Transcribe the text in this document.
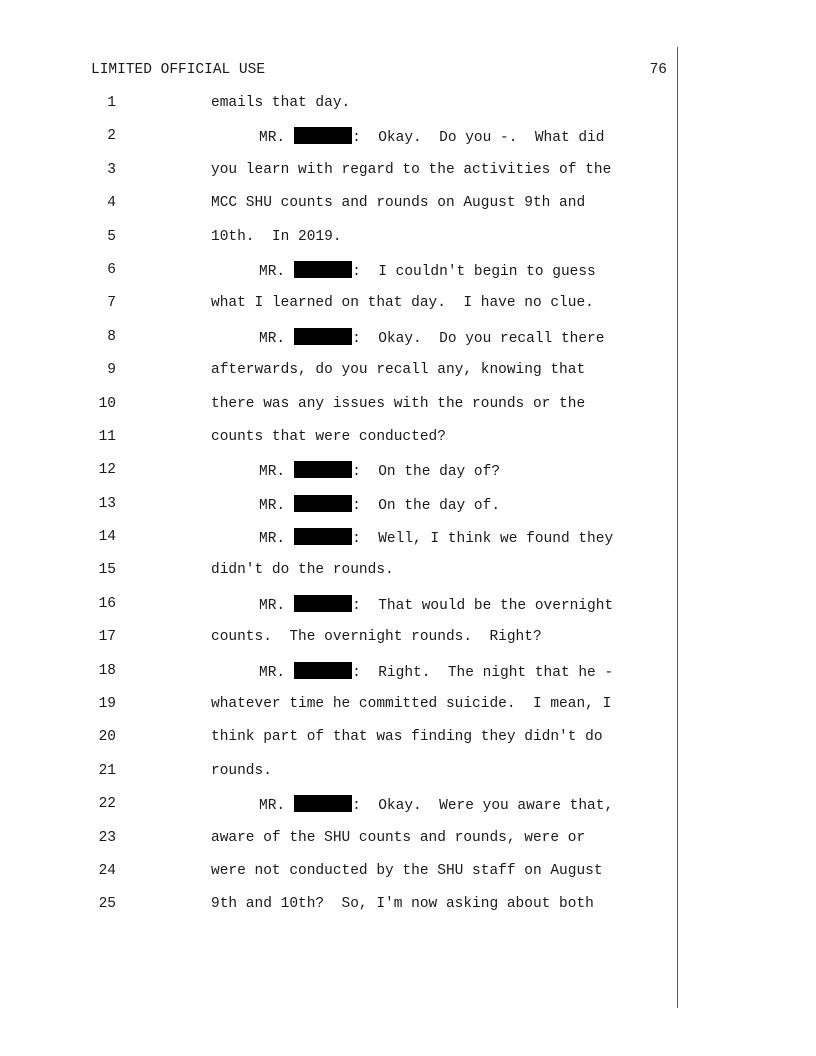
LIMITED OFFICIAL USE	76
1	emails that day.
2	MR.	:  Okay.  Do you -.  What did
3	you learn with regard to the activities of the
4	MCC SHU counts and rounds on August 9th and
5	10th.  In 2019.
6	MR.	:  I couldn't begin to guess
7	what I learned on that day.  I have no clue.
8	MR.	:  Okay.  Do you recall there
9	afterwards, do you recall any, knowing that
10	there was any issues with the rounds or the
11	counts that were conducted?
12	MR.	:  On the day of?
13	MR.	:  On the day of.
14	MR.	:  Well, I think we found they
15	didn't do the rounds.
16	MR.	:  That would be the overnight
17	counts.  The overnight rounds.  Right?
18	MR.	:  Right.  The night that he -
19	whatever time he committed suicide.  I mean, I
20	think part of that was finding they didn't do
21	rounds.
22	MR.	:  Okay.  Were you aware that,
23	aware of the SHU counts and rounds, were or
24	were not conducted by the SHU staff on August
25	9th and 10th?  So, I'm now asking about both
